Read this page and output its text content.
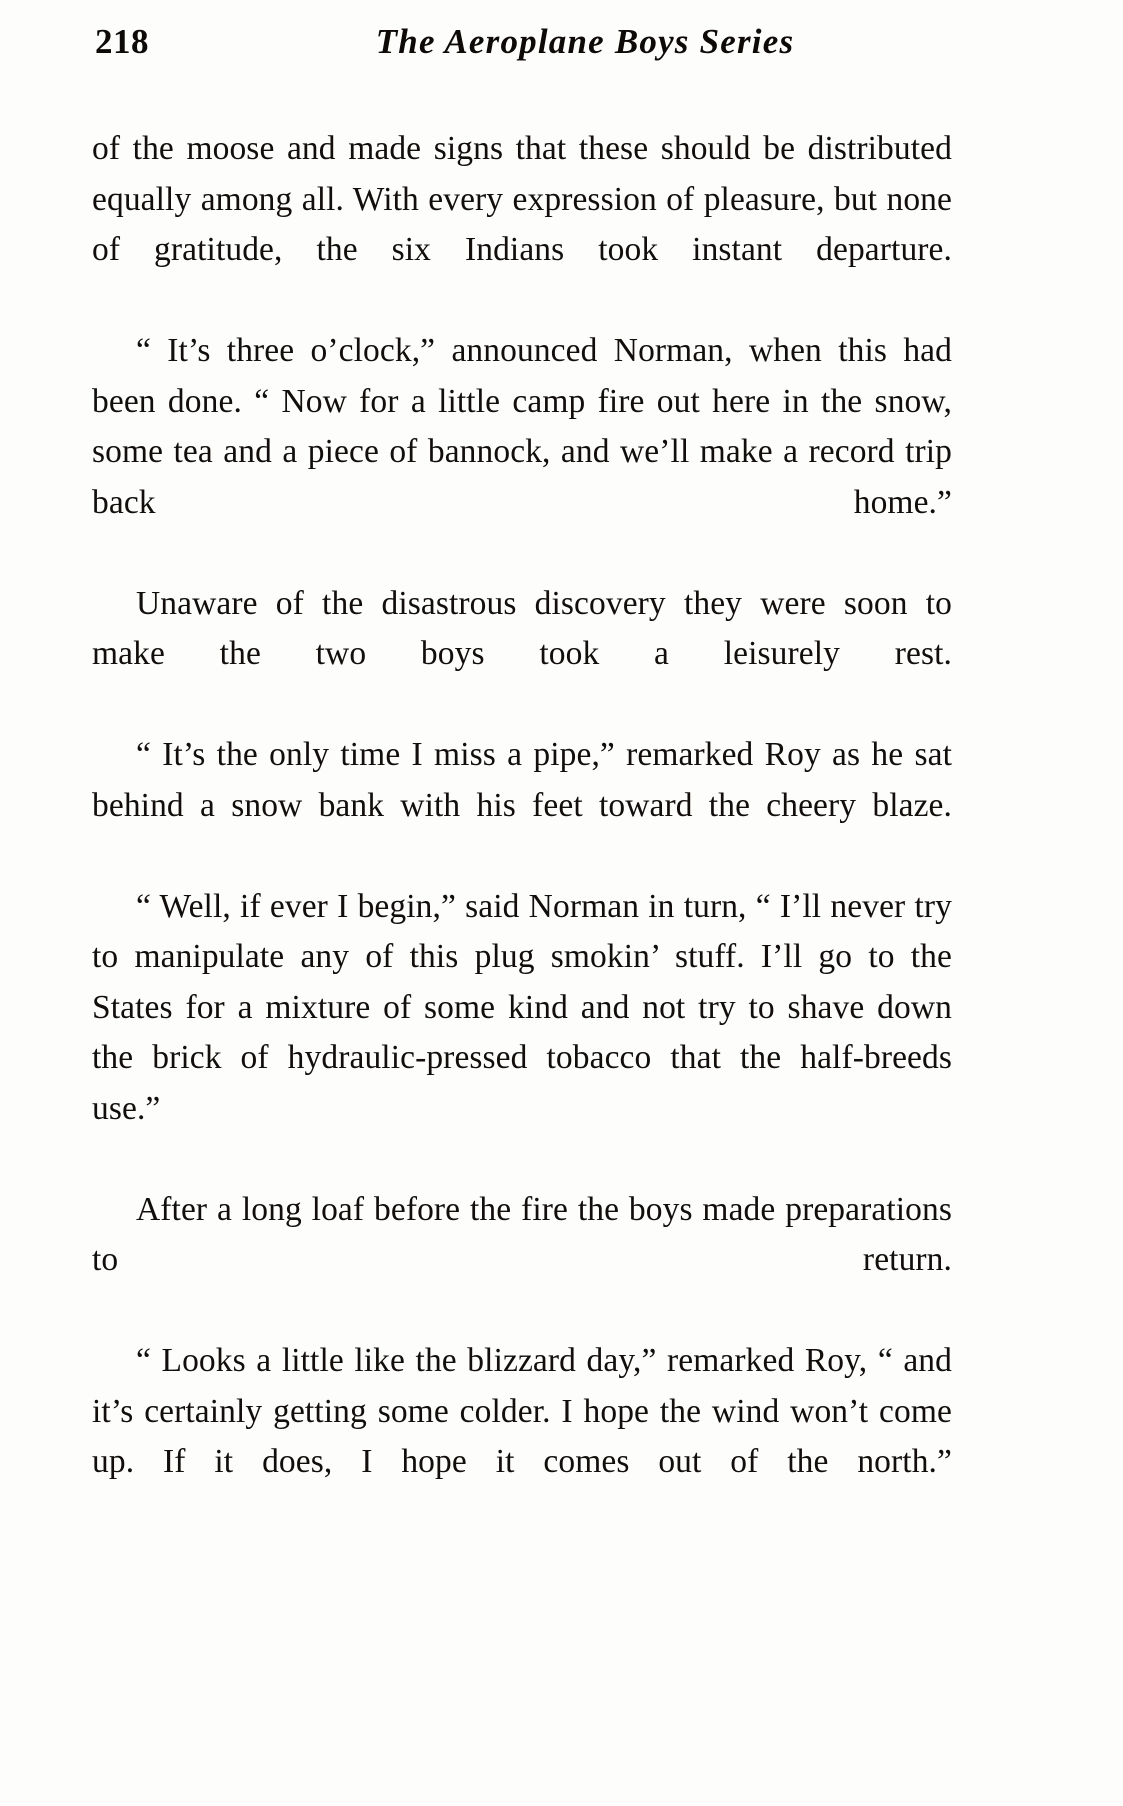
218	The Aeroplane Boys Series

of the moose and made signs that these should be distributed equally among all. With every expression of pleasure, but none of gratitude, the six Indians took instant departure.

“ It’s three o’clock,” announced Norman, when this had been done. “ Now for a little camp fire out here in the snow, some tea and a piece of bannock, and we’ll make a record trip back home.”

Unaware of the disastrous discovery they were soon to make the two boys took a leisurely rest.

“ It’s the only time I miss a pipe,” remarked Roy as he sat behind a snow bank with his feet toward the cheery blaze.

“ Well, if ever I begin,” said Norman in turn, “ I’ll never try to manipulate any of this plug smokin’ stuff. I’ll go to the States for a mixture of some kind and not try to shave down the brick of hydraulic-pressed tobacco that the half-breeds use.”

After a long loaf before the fire the boys made preparations to return.

“ Looks a little like the blizzard day,” remarked Roy, “ and it’s certainly getting some colder. I hope the wind won’t come up. If it does, I hope it comes out of the north.”
